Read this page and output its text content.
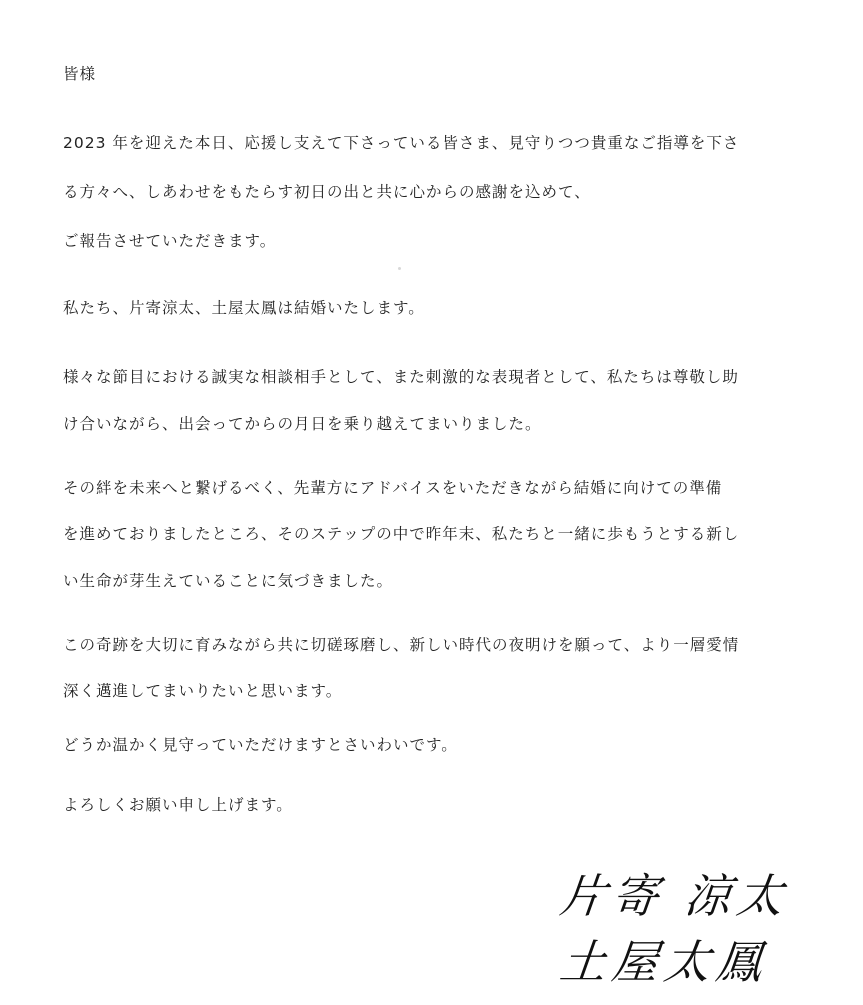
皆様
2023 年を迎えた本日、応援し支えて下さっている皆さま、見守りつつ貴重なご指導を下さ
る方々へ、しあわせをもたらす初日の出と共に心からの感謝を込めて、
ご報告させていただきます。
私たち、片寄涼太、土屋太鳳は結婚いたします。
様々な節目における誠実な相談相手として、また刺激的な表現者として、私たちは尊敬し助
け合いながら、出会ってからの月日を乗り越えてまいりました。
その絆を未来へと繋げるべく、先輩方にアドバイスをいただきながら結婚に向けての準備
を進めておりましたところ、そのステップの中で昨年末、私たちと一緒に歩もうとする新し
い生命が芽生えていることに気づきました。
この奇跡を大切に育みながら共に切磋琢磨し、新しい時代の夜明けを願って、より一層愛情
深く邁進してまいりたいと思います。
どうか温かく見守っていただけますとさいわいです。
よろしくお願い申し上げます。
片寄 涼太
土屋太鳳
